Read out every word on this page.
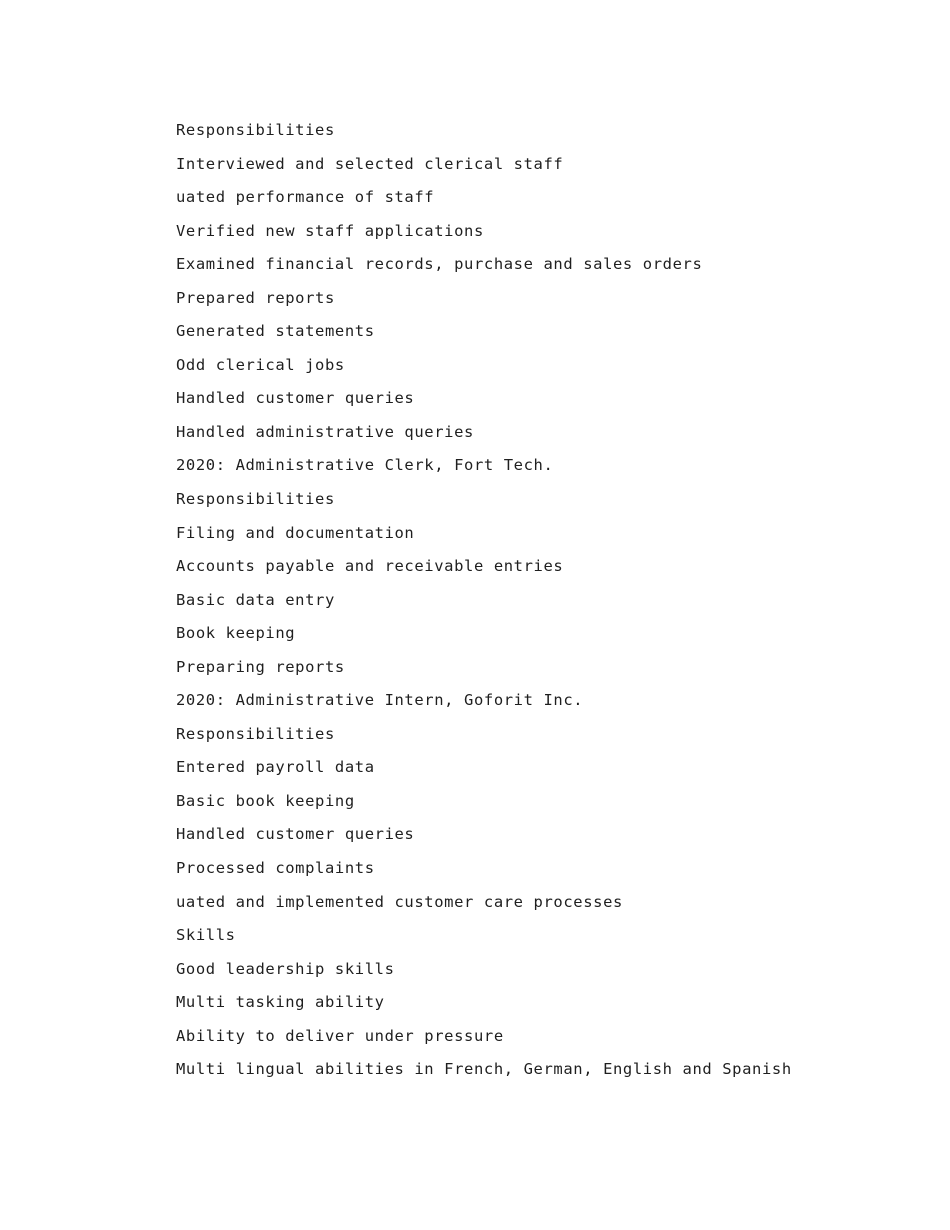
Responsibilities
Interviewed and selected clerical staff
uated performance of staff
Verified new staff applications
Examined financial records, purchase and sales orders
Prepared reports
Generated statements
Odd clerical jobs
Handled customer queries
Handled administrative queries
2020: Administrative Clerk, Fort Tech.
Responsibilities
Filing and documentation
Accounts payable and receivable entries
Basic data entry
Book keeping
Preparing reports
2020: Administrative Intern, Goforit Inc.
Responsibilities
Entered payroll data
Basic book keeping
Handled customer queries
Processed complaints
uated and implemented customer care processes
Skills
Good leadership skills
Multi tasking ability
Ability to deliver under pressure
Multi lingual abilities in French, German, English and Spanish
